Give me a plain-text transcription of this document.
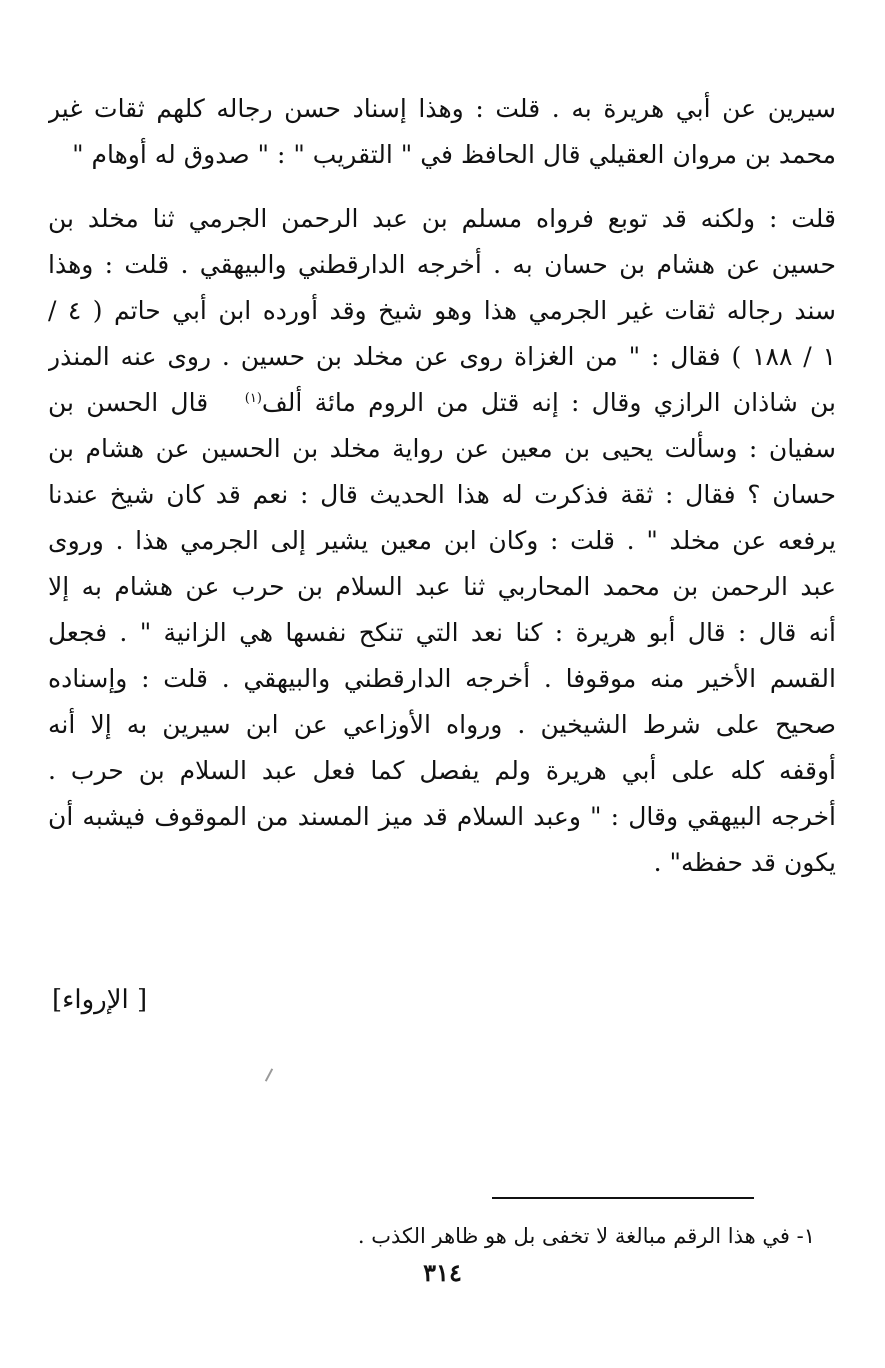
سيرين عن أبي هريرة به . قلت : وهذا إسناد حسن رجاله كلهم ثقات غير
محمد بن مروان العقيلي قال الحافظ في " التقريب " : " صدوق له أوهام "
قلت : ولكنه قد توبع فرواه مسلم بن عبد الرحمن الجرمي ثنا مخلد بن
حسين عن هشام بن حسان به . أخرجه الدارقطني والبيهقي . قلت : وهذا
سند رجاله ثقات غير الجرمي هذا وهو شيخ وقد أورده ابن أبي حاتم ( ٤ /
١ / ١٨٨ ) فقال : " من الغزاة روى عن مخلد بن حسين . روى عنه المنذر
بن شاذان الرازي وقال : إنه قتل من الروم مائة ألف$^{(١)}$   قال الحسن بن
سفيان : وسألت يحيى بن معين عن رواية مخلد بن الحسين عن هشام بن
حسان ؟ فقال : ثقة فذكرت له هذا الحديث قال : نعم قد كان شيخ عندنا
يرفعه عن مخلد " . قلت : وكان ابن معين يشير إلى الجرمي هذا . وروى
عبد الرحمن بن محمد المحاربي ثنا عبد السلام بن حرب عن هشام به إلا
أنه قال : قال أبو هريرة : كنا نعد التي تنكح نفسها هي الزانية " . فجعل
القسم الأخير منه موقوفا . أخرجه الدارقطني والبيهقي . قلت : وإسناده
صحيح على شرط الشيخين . ورواه الأوزاعي عن ابن سيرين به إلا أنه
أوقفه كله على أبي هريرة ولم يفصل كما فعل عبد السلام بن حرب .
أخرجه البيهقي وقال : " وعبد السلام قد ميز المسند من الموقوف فيشبه أن
يكون قد حفظه" .
[ الإرواء]
١- في هذا الرقم مبالغة لا تخفى بل هو ظاهر الكذب .
٣١٤
